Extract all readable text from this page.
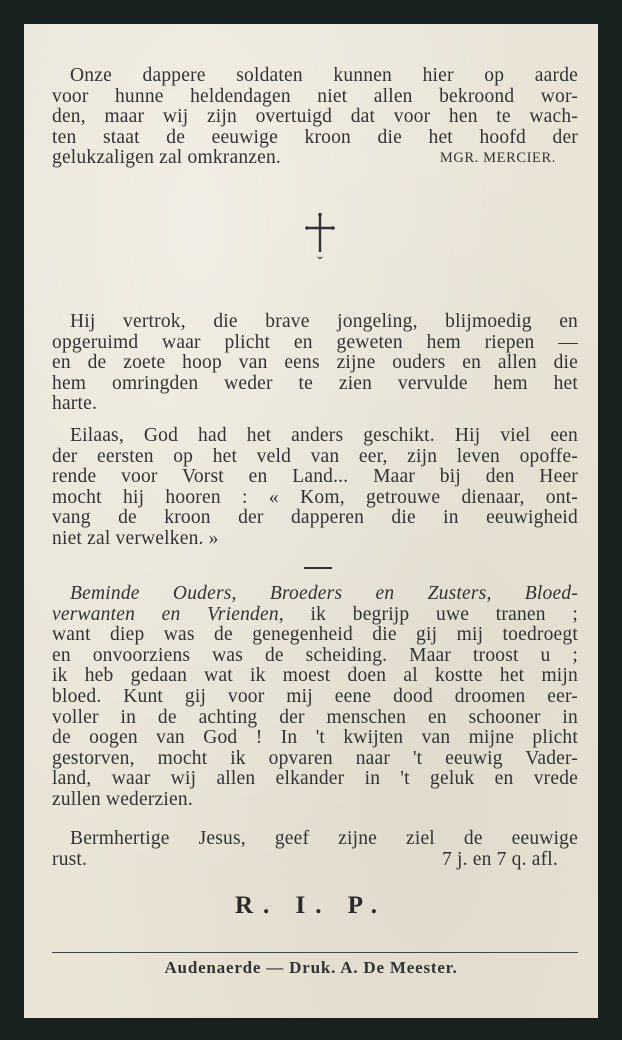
Onze dappere soldaten kunnen hier op aarde
voor hunne heldendagen niet allen bekroond wor-
den, maar wij zijn overtuigd dat voor hen te wach-
ten staat de eeuwige kroon die het hoofd der
gelukzaligen zal omkranzen.	MGR. MERCIER.
Hij vertrok, die brave jongeling, blijmoedig en
opgeruimd waar plicht en geweten hem riepen —
en de zoete hoop van eens zijne ouders en allen die
hem omringden weder te zien vervulde hem het
harte.
Eilaas, God had het anders geschikt. Hij viel een
der eersten op het veld van eer, zijn leven opoffe-
rende voor Vorst en Land... Maar bij den Heer
mocht hij hooren : « Kom, getrouwe dienaar, ont-
vang de kroon der dapperen die in eeuwigheid
niet zal verwelken. »
Beminde Ouders, Broeders en Zusters, Bloed-
verwanten en Vrienden, ik begrijp uwe tranen ;
want diep was de genegenheid die gij mij toedroegt
en onvoorziens was de scheiding. Maar troost u ;
ik heb gedaan wat ik moest doen al kostte het mijn
bloed. Kunt gij voor mij eene dood droomen eer-
voller in de achting der menschen en schooner in
de oogen van God ! In 't kwijten van mijne plicht
gestorven, mocht ik opvaren naar 't eeuwig Vader-
land, waar wij allen elkander in 't geluk en vrede
zullen wederzien.
Bermhertige Jesus, geef zijne ziel de eeuwige
rust.	7 j. en 7 q. afl.
R. I. P.
Audenaerde — Druk. A. De Meester.
